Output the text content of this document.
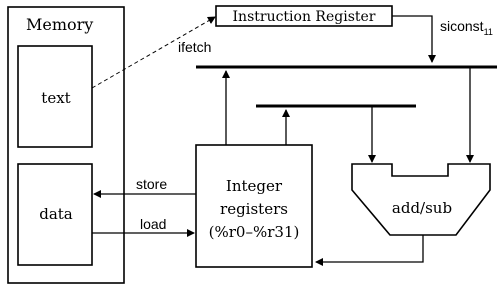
Memory
text
data
Instruction Register
ifetch
siconst$_{11}$
Integer
registers
(%r0–%r31)
store
load
add/sub
